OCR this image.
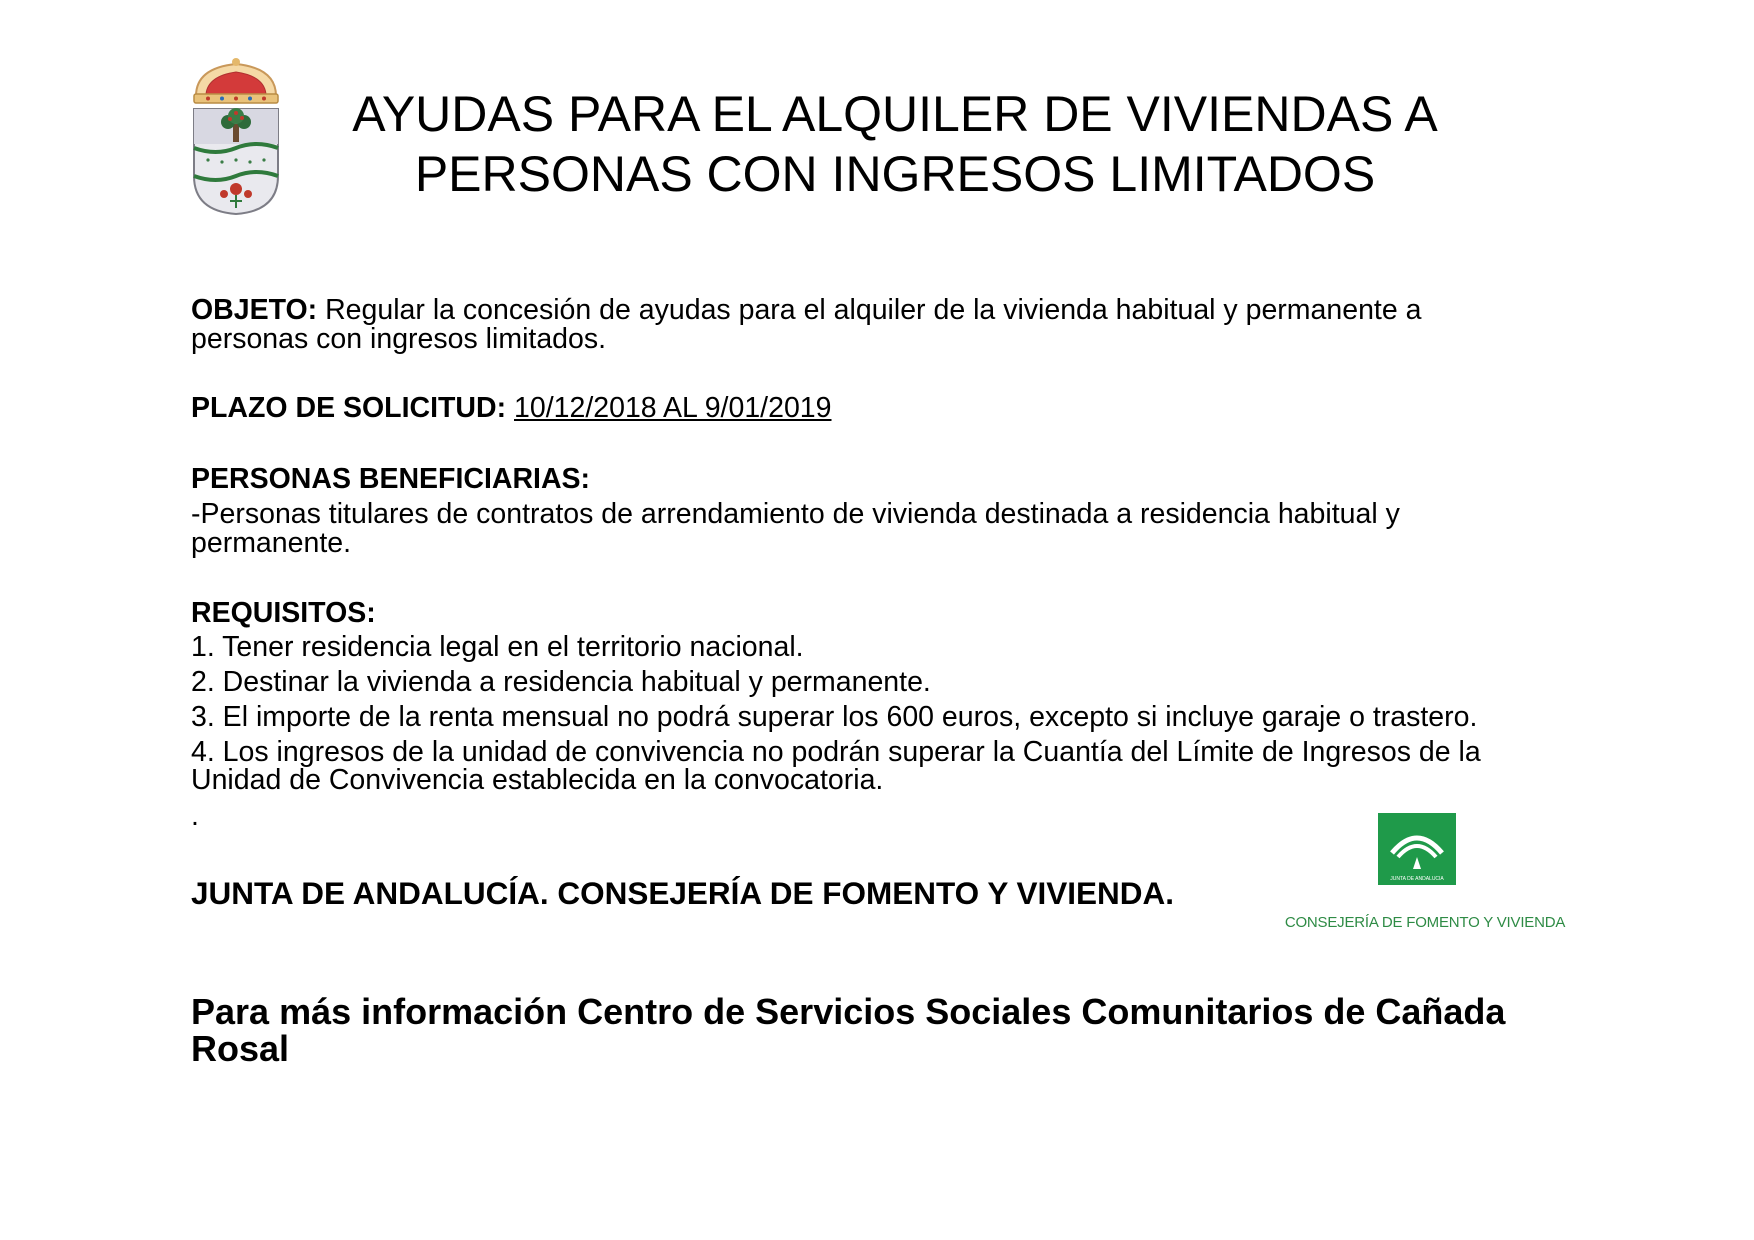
AYUDAS PARA EL ALQUILER DE VIVIENDAS A
PERSONAS CON INGRESOS LIMITADOS
OBJETO: Regular la concesión de ayudas para el alquiler de la vivienda habitual y permanente a
personas con ingresos limitados.
PLAZO DE SOLICITUD: 10/12/2018 AL 9/01/2019
PERSONAS BENEFICIARIAS:
-Personas titulares de contratos de arrendamiento de vivienda destinada a residencia habitual y
permanente.
REQUISITOS:
1. Tener residencia legal en el territorio nacional.
2. Destinar la vivienda a residencia habitual y permanente.
3. El importe de la renta mensual no podrá superar los 600 euros, excepto si incluye garaje o trastero.
4. Los ingresos de la unidad de convivencia no podrán superar la Cuantía del Límite de Ingresos de la
Unidad de Convivencia establecida en la convocatoria.
.
JUNTA DE ANDALUCÍA. CONSEJERÍA DE FOMENTO Y VIVIENDA.	JUNTA DE ANDALUCIA
CONSEJERÍA DE FOMENTO Y VIVIENDA
Para más información Centro de Servicios Sociales Comunitarios de Cañada
Rosal
